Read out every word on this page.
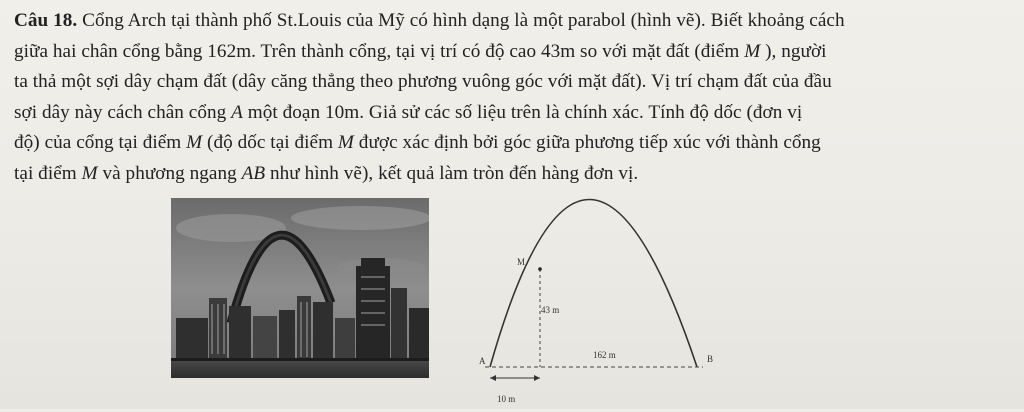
Câu 18. Cổng Arch tại thành phố St.Louis của Mỹ có hình dạng là một parabol (hình vẽ). Biết khoảng cách
giữa hai chân cổng bằng 162m. Trên thành cổng, tại vị trí có độ cao 43m so với mặt đất (điểm M ), người
ta thả một sợi dây chạm đất (dây căng thẳng theo phương vuông góc với mặt đất). Vị trí chạm đất của đầu
sợi dây này cách chân cổng A một đoạn 10m. Giả sử các số liệu trên là chính xác. Tính độ dốc (đơn vị
độ) của cổng tại điểm M (độ dốc tại điểm M được xác định bởi góc giữa phương tiếp xúc với thành cổng
tại điểm M và phương ngang AB như hình vẽ), kết quả làm tròn đến hàng đơn vị.

M
43 m
A
162 m	B
10 m
